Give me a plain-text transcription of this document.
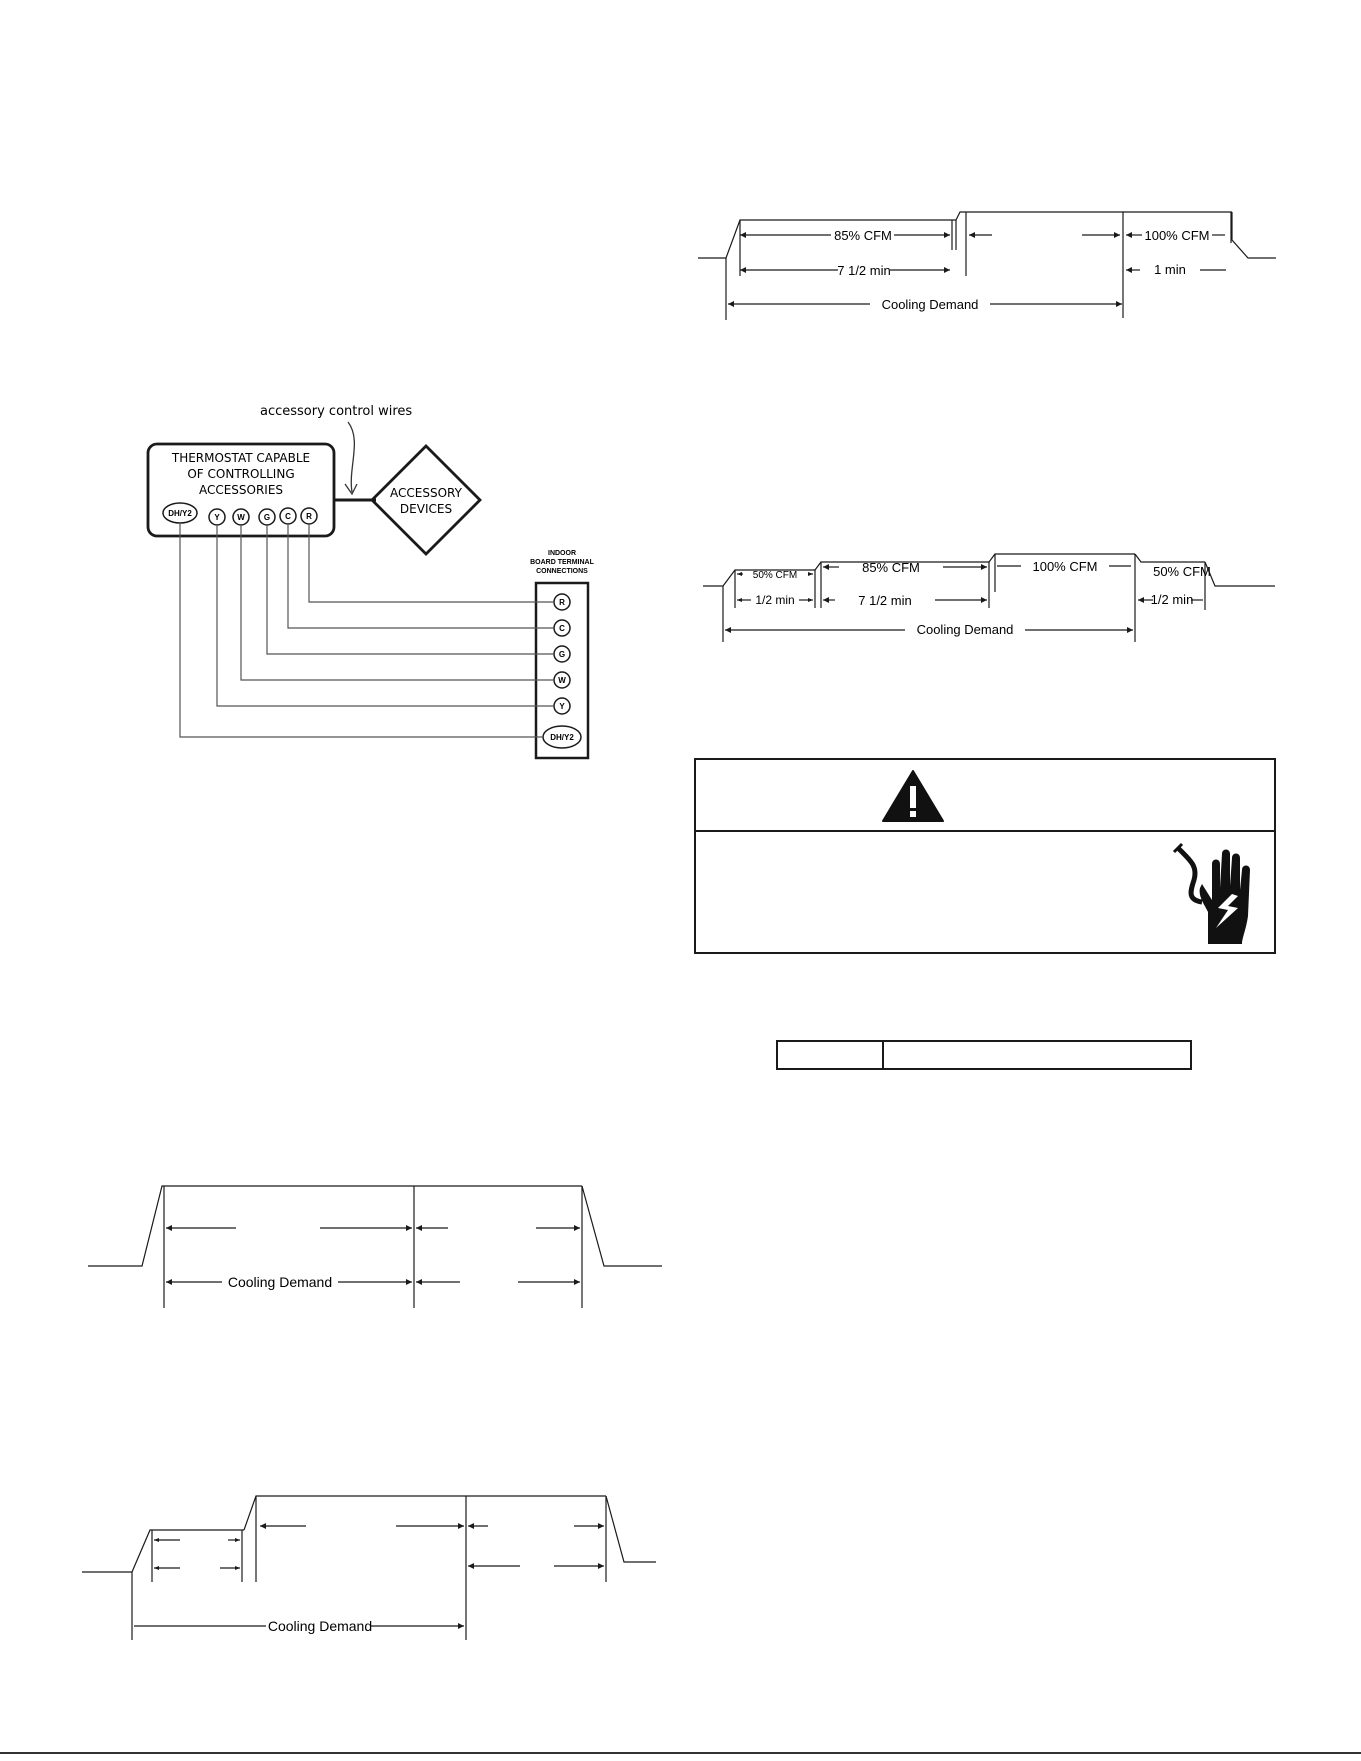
accessory control wires
THERMOSTAT CAPABLE
OF CONTROLLING
ACCESSORIES
DH/Y2	Y W G C R
ACCESSORY
DEVICES
INDOOR
BOARD TERMINAL
CONNECTIONS
R
C
G
W
Y
DH/Y2
85% CFM
7 1/2 min
100% CFM
1 min
Cooling Demand
50% CFM
1/2 min
85% CFM
7 1/2 min
100% CFM	50% CFM
1/2 min
Cooling Demand
Cooling Demand
Cooling Demand
